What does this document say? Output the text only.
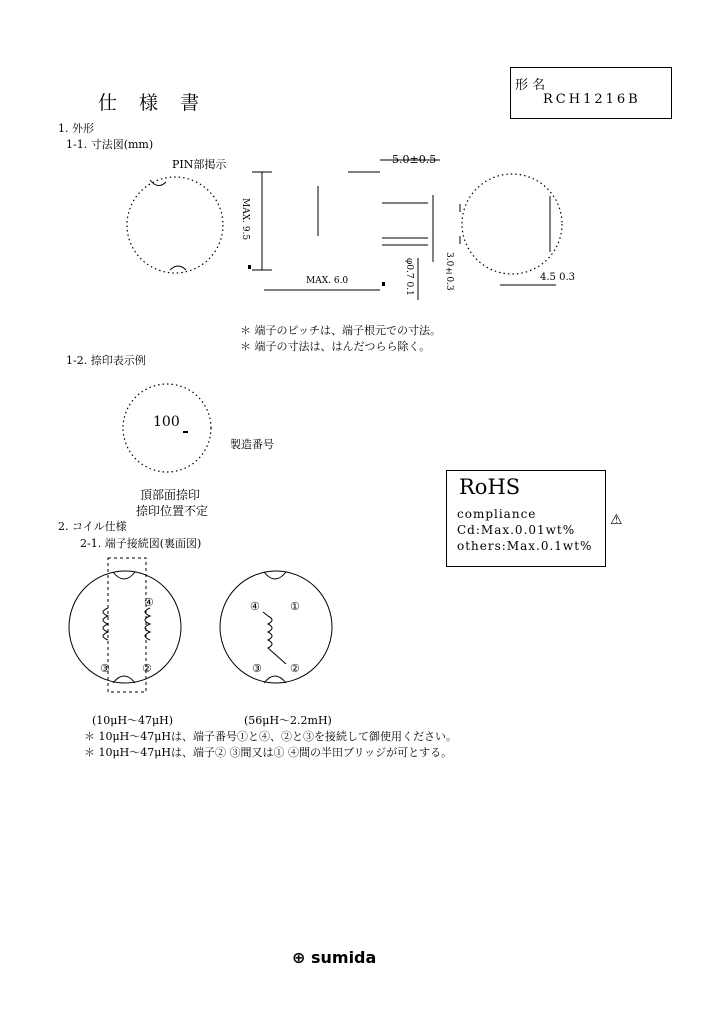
仕 様 書
形 名
RCH1216B
1. 外形
1-1. 寸法図(mm)
1-2. 捺印表示例
2. コイル仕様
2-1. 端子接続図(裏面図)
PIN部掲示	5.0±0.5
MAX. 9.5
MAX. 6.0	φ0.7 0.1	3.0±0.3	4.5 0.3
＊ 端子のピッチは、端子根元での寸法。
＊ 端子の寸法は、はんだつらら除く。
100
製造番号
頂部面捺印
捺印位置不定
④
③	②
④	①
③	②
(10μH～47μH)	(56μH～2.2mH)
＊ 10μH～47μHは、端子番号①と④、②と③を接続して御使用ください。
＊ 10μH～47μHは、端子② ③間又は① ④間の半田ブリッジが可とする。
RoHS
compliance
Cd:Max.0.01wt%
others:Max.0.1wt%
⚠
⊕ sumida
